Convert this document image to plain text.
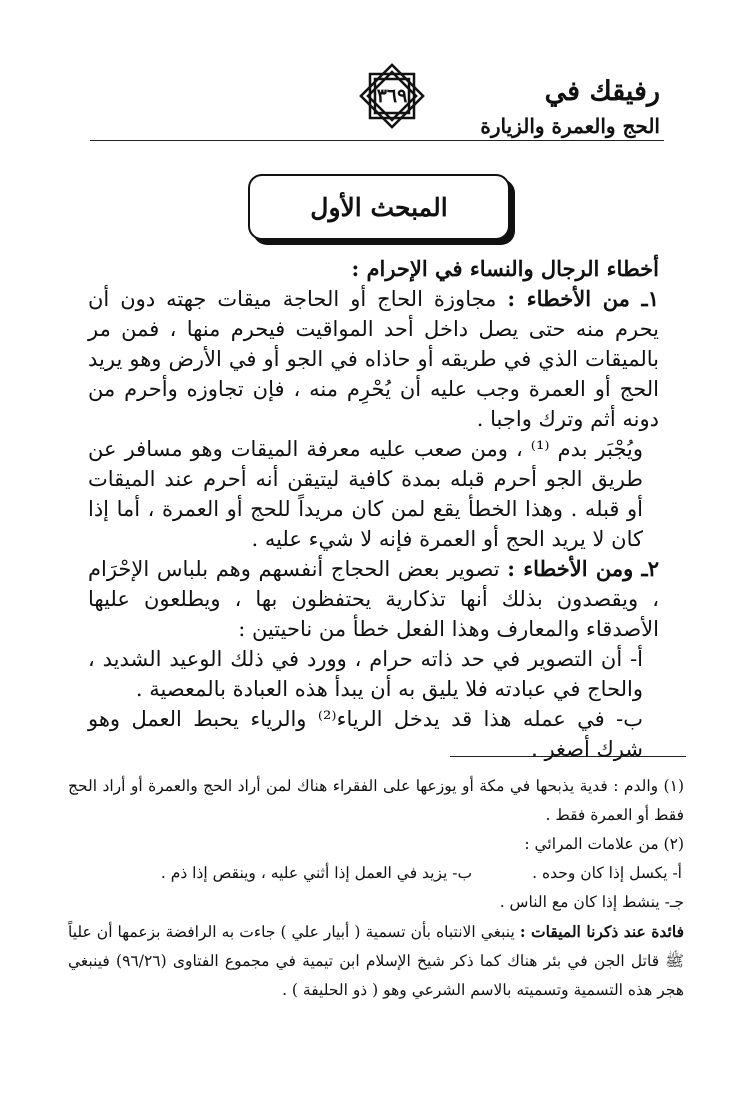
رفيقك في
٣٦٩
الحج والعمرة والزيارة
المبحث الأول

أخطاء الرجال والنساء في الإحرام :

١ـ من الأخطاء : مجاوزة الحاج أو الحاجة ميقات جهته دون أن يحرم منه حتى يصل داخل أحد المواقيت فيحرم منها ، فمن مر بالميقات الذي في طريقه أو حاذاه في الجو أو في الأرض وهو يريد الحج أو العمرة وجب عليه أن يُحْرِم منه ، فإن تجاوزه وأحرم من دونه أثم وترك واجبا .

ويُجْبَر بدم ⁽¹⁾ ، ومن صعب عليه معرفة الميقات وهو مسافر عن طريق الجو أحرم قبله بمدة كافية ليتيقن أنه أحرم عند الميقات أو قبله . وهذا الخطأ يقع لمن كان مريداً للحج أو العمرة ، أما إذا كان لا يريد الحج أو العمرة فإنه لا شيء عليه .

٢ـ ومن الأخطاء : تصوير بعض الحجاج أنفسهم وهم بلباس الإحْرَام ، ويقصدون بذلك أنها تذكارية يحتفظون بها ، ويطلعون عليها الأصدقاء والمعارف وهذا الفعل خطأ من ناحيتين :

أ- أن التصوير في حد ذاته حرام ، وورد في ذلك الوعيد الشديد ، والحاج في عبادته فلا يليق به أن يبدأ هذه العبادة بالمعصية .

ب- في عمله هذا قد يدخل الرياء⁽²⁾ والرياء يحبط العمل وهو شرك أصغر .

(١) والدم : فدية يذبحها في مكة أو يوزعها على الفقراء هناك لمن أراد الحج والعمرة أو أراد الحج فقط أو العمرة فقط .

(٢) من علامات المرائي :

أ- يكسل إذا كان وحده .
ب- يزيد في العمل إذا أثني عليه ، وينقص إذا ذم .

جـ- ينشط إذا كان مع الناس .

فائدة عند ذكرنا الميقات : ينبغي الانتباه بأن تسمية ( أبيار علي ) جاءت به الرافضة بزعمها أن علياً ﷺ قاتل الجن في بئر هناك كما ذكر شيخ الإسلام ابن تيمية في مجموع الفتاوى (٩٦/٢٦) فينبغي هجر هذه التسمية وتسميته بالاسم الشرعي وهو ( ذو الحليفة ) .
